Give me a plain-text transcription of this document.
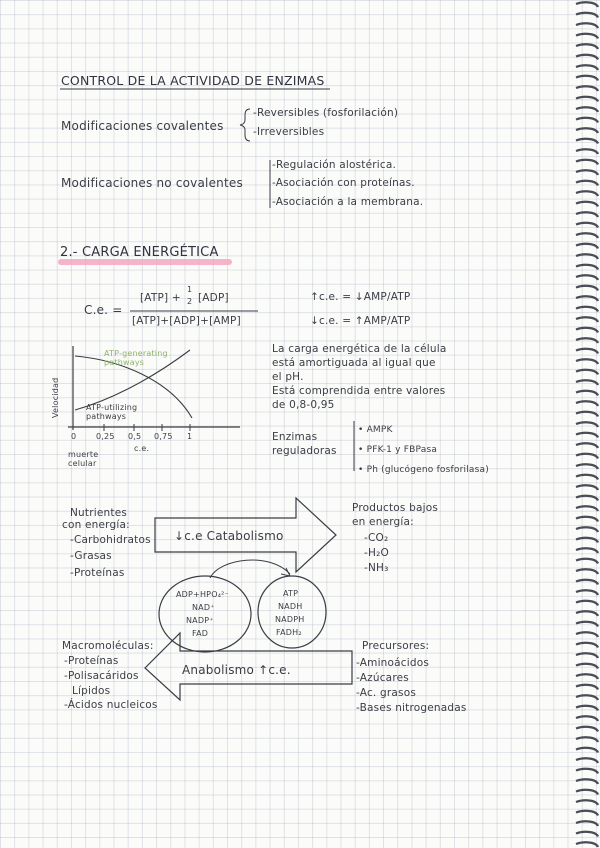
CONTROL DE LA ACTIVIDAD DE ENZIMAS
Modificaciones covalentes
-Reversibles (fosforilación)
-Irreversibles
Modificaciones no covalentes
-Regulación alostérica.
-Asociación con proteínas.
-Asociación a la membrana.
2.- CARGA ENERGÉTICA
C.e. =
[ATP] +
1
2 [ADP]
[ATP]+[ADP]+[AMP]
↑c.e. = ↓AMP/ATP
↓c.e. = ↑AMP/ATP
Velocidad
ATP-generating pathways
ATP-utilizing pathways
0 0,25 0,5 0,75 1
c.e.
muerte celular
La carga energética de la célula
está amortiguada al igual que
el pH.
Está comprendida entre valores
de 0,8-0,95
Enzimas
reguladoras
• AMPK
• PFK-1 y FBPasa
• Ph (glucógeno fosforilasa)
Nutrientes
con energía:
-Carbohidratos
-Grasas
-Proteínas
↓c.e Catabolismo
Productos bajos
en energía:
-CO₂
-H₂O
-NH₃
ADP+HPO₄²⁻
NAD⁺
NADP⁺
FAD
ATP
NADH
NADPH
FADH₂
Macromoléculas:
-Proteínas
-Polisacáridos
Lípidos
-Ácidos nucleicos
Anabolismo ↑c.e.
Precursores:
-Aminoácidos
-Azúcares
-Ac. grasos
-Bases nitrogenadas
